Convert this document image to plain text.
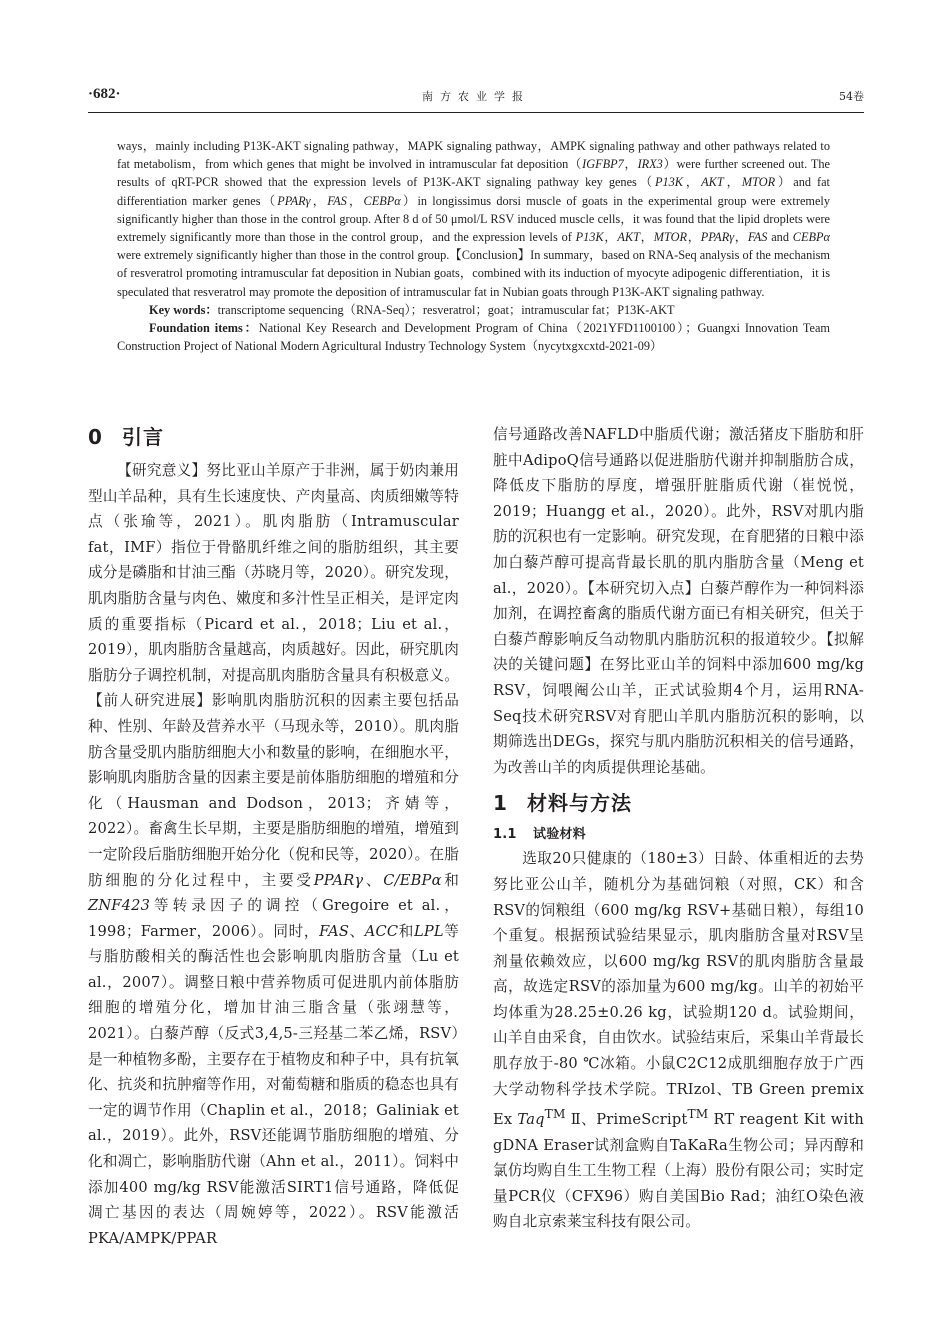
南方农业学报
·682·	54卷

ways，mainly including P13K-AKT signaling pathway，MAPK signaling pathway，AMPK signaling pathway and other pathways related to fat metabolism，from which genes that might be involved in intramuscular fat deposition（IGFBP7，IRX3）were further screened out. The results of qRT-PCR showed that the expression levels of P13K-AKT signaling pathway key genes（P13K，AKT，MTOR）and fat differentiation marker genes（PPARγ，FAS，CEBPα）in longissimus dorsi muscle of goats in the experimental group were extremely significantly higher than those in the control group. After 8 d of 50 μmol/L RSV induced muscle cells，it was found that the lipid droplets were extremely significantly more than those in the control group，and the expression levels of P13K，AKT，MTOR，PPARγ，FAS and CEBPα were extremely significantly higher than those in the control group.【Conclusion】In summary，based on RNA-Seq analysis of the mechanism of resveratrol promoting intramuscular fat deposition in Nubian goats，combined with its induction of myocyte adipogenic differentiation，it is speculated that resveratrol may promote the deposition of intramuscular fat in Nubian goats through P13K-AKT signaling pathway.

Key words：transcriptome sequencing（RNA-Seq）；resveratrol；goat；intramuscular fat；P13K-AKT

Foundation items：National Key Research and Development Program of China（2021YFD1100100）；Guangxi Innovation Team Construction Project of National Modern Agricultural Industry Technology System（nycytxgxcxtd-2021-09）

0 引言

【研究意义】努比亚山羊原产于非洲，属于奶肉兼用型山羊品种，具有生长速度快、产肉量高、肉质细嫩等特点（张瑜等，2021）。肌肉脂肪（Intramuscular fat，IMF）指位于骨骼肌纤维之间的脂肪组织，其主要成分是磷脂和甘油三酯（苏晓月等，2020）。研究发现，肌肉脂肪含量与肉色、嫩度和多汁性呈正相关，是评定肉质的重要指标（Picard et al.，2018；Liu et al.，2019），肌肉脂肪含量越高，肉质越好。因此，研究肌肉脂肪分子调控机制，对提高肌肉脂肪含量具有积极意义。【前人研究进展】影响肌肉脂肪沉积的因素主要包括品种、性别、年龄及营养水平（马现永等，2010）。肌肉脂肪含量受肌内脂肪细胞大小和数量的影响，在细胞水平，影响肌肉脂肪含量的因素主要是前体脂肪细胞的增殖和分化（Hausman and Dodson，2013；齐婧等，2022）。畜禽生长早期，主要是脂肪细胞的增殖，增殖到一定阶段后脂肪细胞开始分化（倪和民等，2020）。在脂肪细胞的分化过程中，主要受PPARγ、C/EBPα和ZNF423等转录因子的调控（Gregoire et al.，1998；Farmer，2006）。同时，FAS、ACC和LPL等与脂肪酸相关的酶活性也会影响肌肉脂肪含量（Lu et al.，2007）。调整日粮中营养物质可促进肌内前体脂肪细胞的增殖分化，增加甘油三脂含量（张翊慧等，2021）。白藜芦醇（反式3,4,5-三羟基二苯乙烯，RSV）是一种植物多酚，主要存在于植物皮和种子中，具有抗氧化、抗炎和抗肿瘤等作用，对葡萄糖和脂质的稳态也具有一定的调节作用（Chaplin et al.，2018；Galiniak et al.，2019）。此外，RSV还能调节脂肪细胞的增殖、分化和凋亡，影响脂肪代谢（Ahn et al.，2011）。饲料中添加400 mg/kg RSV能激活SIRT1信号通路，降低促凋亡基因的表达（周婉婷等，2022）。RSV能激活PKA/AMPK/PPAR

信号通路改善NAFLD中脂质代谢；激活猪皮下脂肪和肝脏中AdipoQ信号通路以促进脂肪代谢并抑制脂肪合成，降低皮下脂肪的厚度，增强肝脏脂质代谢（崔悦悦，2019；Huangg et al.，2020）。此外，RSV对肌内脂肪的沉积也有一定影响。研究发现，在育肥猪的日粮中添加白藜芦醇可提高背最长肌的肌内脂肪含量（Meng et al.，2020）。【本研究切入点】白藜芦醇作为一种饲料添加剂，在调控畜禽的脂质代谢方面已有相关研究，但关于白藜芦醇影响反刍动物肌内脂肪沉积的报道较少。【拟解决的关键问题】在努比亚山羊的饲料中添加600 mg/kg RSV，饲喂阉公山羊，正式试验期4个月，运用RNA-Seq技术研究RSV对育肥山羊肌内脂肪沉积的影响，以期筛选出DEGs，探究与肌内脂肪沉积相关的信号通路，为改善山羊的肉质提供理论基础。

1 材料与方法
1.1 试验材料

选取20只健康的（180±3）日龄、体重相近的去势努比亚公山羊，随机分为基础饲粮（对照，CK）和含RSV的饲粮组（600 mg/kg RSV+基础日粮），每组10个重复。根据预试验结果显示，肌肉脂肪含量对RSV呈剂量依赖效应，以600 mg/kg RSV的肌肉脂肪含量最高，故选定RSV的添加量为600 mg/kg。山羊的初始平均体重为28.25±0.26 kg，试验期120 d。试验期间，山羊自由采食，自由饮水。试验结束后，采集山羊背最长肌存放于-80 ℃冰箱。小鼠C2C12成肌细胞存放于广西大学动物科学技术学院。TRIzol、TB Green premix Ex Taq™ Ⅱ、PrimeScript™ RT reagent Kit with gDNA Eraser试剂盒购自TaKaRa生物公司；异丙醇和氯仿均购自生工生物工程（上海）股份有限公司；实时定量PCR仪（CFX96）购自美国Bio Rad；油红O染色液购自北京索莱宝科技有限公司。
